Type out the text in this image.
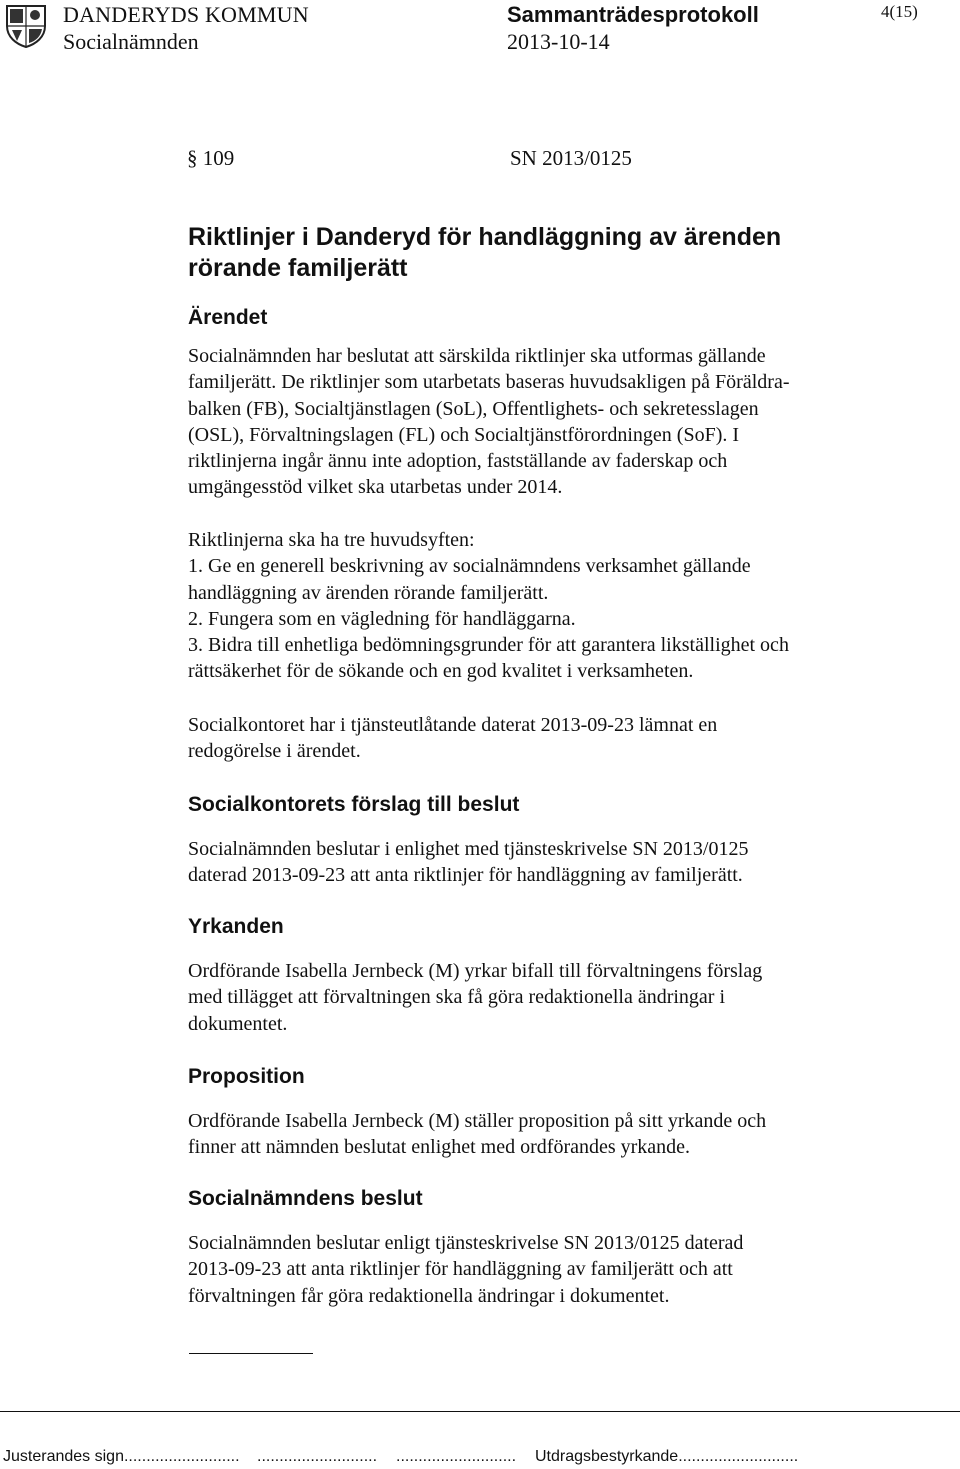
DANDERYDS KOMMUN	Sammanträdesprotokoll	4(15)
Socialnämnden	2013-10-14
§ 109	SN 2013/0125
Riktlinjer i Danderyd för handläggning av ärenden
rörande familjerätt
Ärendet
Socialnämnden har beslutat att särskilda riktlinjer ska utformas gällande
familjerätt. De riktlinjer som utarbetats baseras huvudsakligen på Föräldra-
balken (FB), Socialtjänstlagen (SoL), Offentlighets- och sekretesslagen
(OSL), Förvaltningslagen (FL) och Socialtjänstförordningen (SoF). I
riktlinjerna ingår ännu inte adoption, fastställande av faderskap och
umgängesstöd vilket ska utarbetas under 2014.
Riktlinjerna ska ha tre huvudsyften:
1. Ge en generell beskrivning av socialnämndens verksamhet gällande
handläggning av ärenden rörande familjerätt.
2. Fungera som en vägledning för handläggarna.
3. Bidra till enhetliga bedömningsgrunder för att garantera likställighet och
rättsäkerhet för de sökande och en god kvalitet i verksamheten.
Socialkontoret har i tjänsteutlåtande daterat 2013-09-23 lämnat en
redogörelse i ärendet.
Socialkontorets förslag till beslut
Socialnämnden beslutar i enlighet med tjänsteskrivelse SN 2013/0125
daterad 2013-09-23 att anta riktlinjer för handläggning av familjerätt.
Yrkanden
Ordförande Isabella Jernbeck (M) yrkar bifall till förvaltningens förslag
med tillägget att förvaltningen ska få göra redaktionella ändringar i
dokumentet.
Proposition
Ordförande Isabella Jernbeck (M) ställer proposition på sitt yrkande och
finner att nämnden beslutat enlighet med ordförandes yrkande.
Socialnämndens beslut
Socialnämnden beslutar enligt tjänsteskrivelse SN 2013/0125 daterad
2013-09-23 att anta riktlinjer för handläggning av familjerätt och att
förvaltningen får göra redaktionella ändringar i dokumentet.
Justerandes sign.......................... ........................... ........................... Utdragsbestyrkande...........................
